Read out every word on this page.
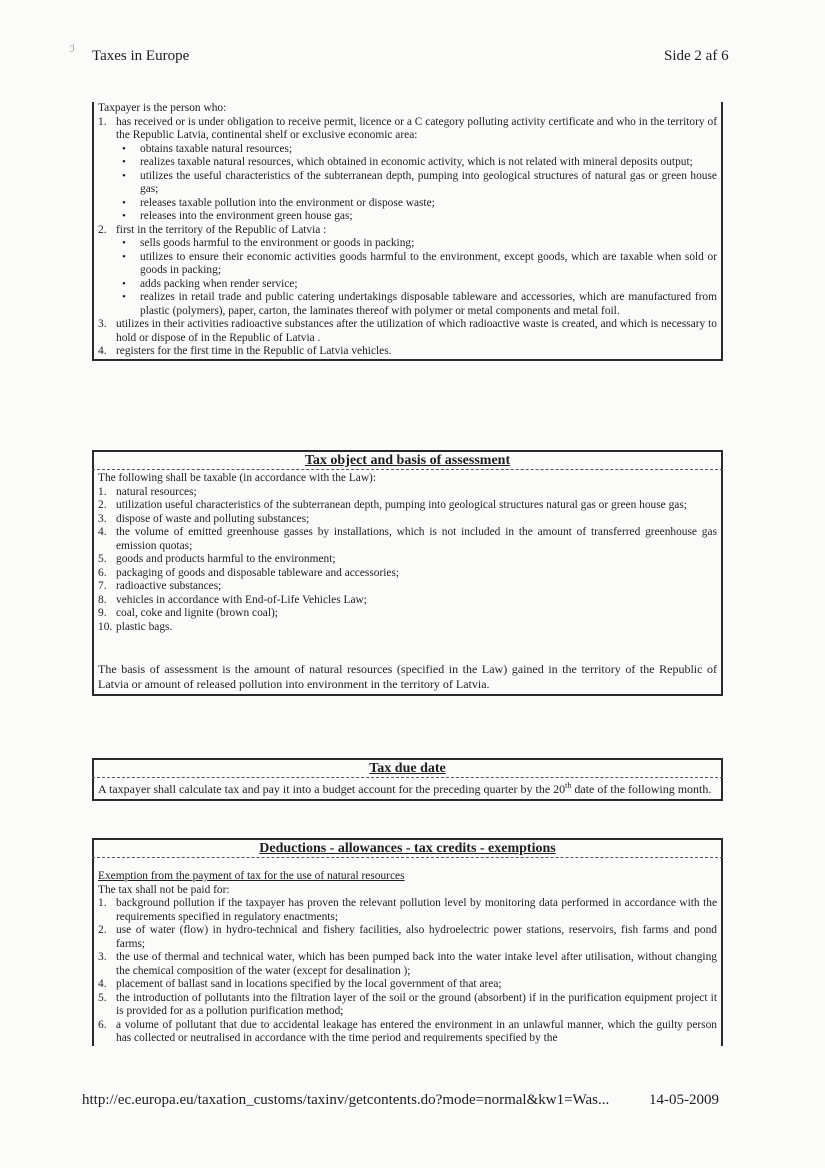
ℐ Taxes in Europe	Side 2 af 6

Taxpayer is the person who:

1. has received or is under obligation to receive permit, licence or a C category polluting activity certificate and who in the territory of the Republic Latvia, continental shelf or exclusive economic area:
• obtains taxable natural resources;
• realizes taxable natural resources, which obtained in economic activity, which is not related with mineral deposits output;
• utilizes the useful characteristics of the subterranean depth, pumping into geological structures of natural gas or green house gas;
• releases taxable pollution into the environment or dispose waste;
• releases into the environment green house gas;
2. first in the territory of the Republic of Latvia :
• sells goods harmful to the environment or goods in packing;
• utilizes to ensure their economic activities goods harmful to the environment, except goods, which are taxable when sold or goods in packing;
• adds packing when render service;
• realizes in retail trade and public catering undertakings disposable tableware and accessories, which are manufactured from plastic (polymers), paper, carton, the laminates thereof with polymer or metal components and metal foil.
3. utilizes in their activities radioactive substances after the utilization of which radioactive waste is created, and which is necessary to hold or dispose of in the Republic of Latvia .
4. registers for the first time in the Republic of Latvia vehicles.
Tax object and basis of assessment

The following shall be taxable (in accordance with the Law):

1. natural resources;
2. utilization useful characteristics of the subterranean depth, pumping into geological structures natural gas or green house gas;
3. dispose of waste and polluting substances;
4. the volume of emitted greenhouse gasses by installations, which is not included in the amount of transferred greenhouse gas emission quotas;
5. goods and products harmful to the environment;
6. packaging of goods and disposable tableware and accessories;
7. radioactive substances;
8. vehicles in accordance with End-of-Life Vehicles Law;
9. coal, coke and lignite (brown coal);
10. plastic bags.

The basis of assessment is the amount of natural resources (specified in the Law) gained in the territory of the Republic of Latvia or amount of released pollution into environment in the territory of Latvia.

Tax due date

A taxpayer shall calculate tax and pay it into a budget account for the preceding quarter by the 20th date of the following month.

Deductions - allowances - tax credits - exemptions

Exemption from the payment of tax for the use of natural resources

The tax shall not be paid for:

1. background pollution if the taxpayer has proven the relevant pollution level by monitoring data performed in accordance with the requirements specified in regulatory enactments;
2. use of water (flow) in hydro-technical and fishery facilities, also hydroelectric power stations, reservoirs, fish farms and pond farms;
3. the use of thermal and technical water, which has been pumped back into the water intake level after utilisation, without changing the chemical composition of the water (except for desalination );
4. placement of ballast sand in locations specified by the local government of that area;
5. the introduction of pollutants into the filtration layer of the soil or the ground (absorbent) if in the purification equipment project it is provided for as a pollution purification method;
6. a volume of pollutant that due to accidental leakage has entered the environment in an unlawful manner, which the guilty person has collected or neutralised in accordance with the time period and requirements specified by the
http://ec.europa.eu/taxation_customs/taxinv/getcontents.do?mode=normal&kw1=Was...	14-05-2009
